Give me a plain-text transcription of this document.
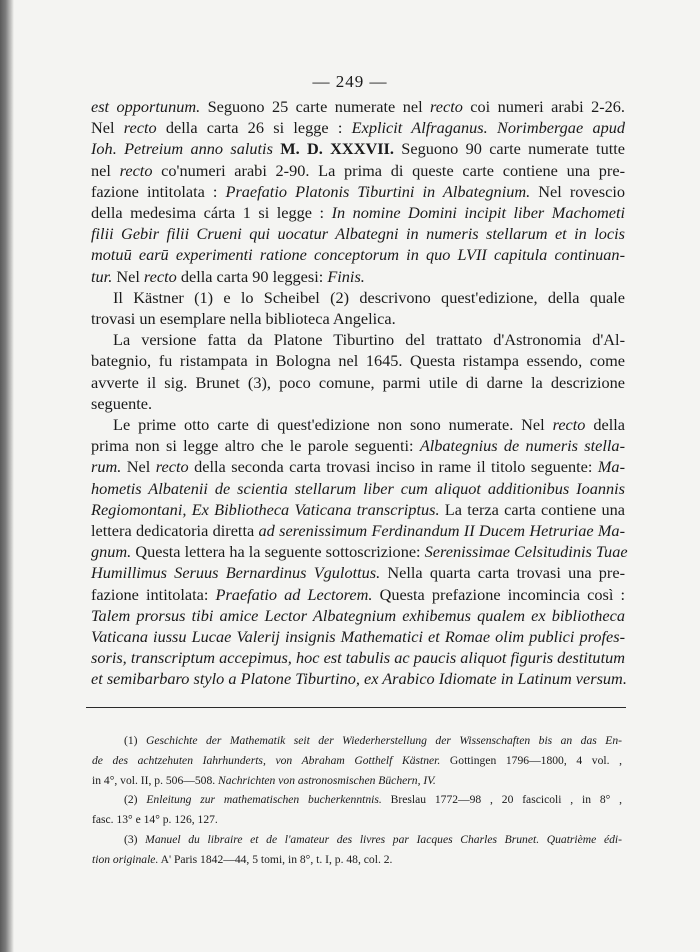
— 249 —
est opportunum. Seguono 25 carte numerate nel recto coi numeri arabi 2-26.
Nel recto della carta 26 si legge : Explicit Alfraganus. Norimbergae apud
Ioh. Petreium anno salutis M. D. XXXVII. Seguono 90 carte numerate tutte
nel recto co'numeri arabi 2-90. La prima di queste carte contiene una pre-
fazione intitolata : Praefatio Platonis Tiburtini in Albategnium. Nel rovescio
della medesima cárta 1 si legge : In nomine Domini incipit liber Machometi
filii Gebir filii Crueni qui uocatur Albategni in numeris stellarum et in locis
motuū earū experimenti ratione conceptorum in quo LVII capitula continuan-
tur. Nel recto della carta 90 leggesi: Finis.
Il Kästner (1) e lo Scheibel (2) descrivono quest'edizione, della quale
trovasi un esemplare nella biblioteca Angelica.
La versione fatta da Platone Tiburtino del trattato d'Astronomia d'Al-
bategnio, fu ristampata in Bologna nel 1645. Questa ristampa essendo, come
avverte il sig. Brunet (3), poco comune, parmi utile di darne la descrizione
seguente.
Le prime otto carte di quest'edizione non sono numerate. Nel recto della
prima non si legge altro che le parole seguenti: Albategnius de numeris stella-
rum. Nel recto della seconda carta trovasi inciso in rame il titolo seguente: Ma-
hometis Albatenii de scientia stellarum liber cum aliquot additionibus Ioannis
Regiomontani, Ex Bibliotheca Vaticana transcriptus. La terza carta contiene una
lettera dedicatoria diretta ad serenissimum Ferdinandum II Ducem Hetruriae Ma-
gnum. Questa lettera ha la seguente sottoscrizione: Serenissimae Celsitudinis Tuae
Humillimus Seruus Bernardinus Vgulottus. Nella quarta carta trovasi una pre-
fazione intitolata: Praefatio ad Lectorem. Questa prefazione incomincia così :
Talem prorsus tibi amice Lector Albategnium exhibemus qualem ex bibliotheca
Vaticana iussu Lucae Valerij insignis Mathematici et Romae olim publici profes-
soris, transcriptum accepimus, hoc est tabulis ac paucis aliquot figuris destitutum
et semibarbaro stylo a Platone Tiburtino, ex Arabico Idiomate in Latinum versum.
(1) Geschichte der Mathematik seit der Wiederherstellung der Wissenschaften bis an das En-
de des achtzehuten Iahrhunderts, von Abraham Gotthelf Kästner. Gottingen 1796—1800, 4 vol. ,
in 4°, vol. II, p. 506—508. Nachrichten von astronosmischen Büchern, IV.
(2) Enleitung zur mathematischen bucherkenntnis. Breslau 1772—98 , 20 fascicoli , in 8° ,
fasc. 13° e 14° p. 126, 127.
(3) Manuel du libraire et de l'amateur des livres par Iacques Charles Brunet. Quatrième édi-
tion originale. A' Paris 1842—44, 5 tomi, in 8°, t. I, p. 48, col. 2.
